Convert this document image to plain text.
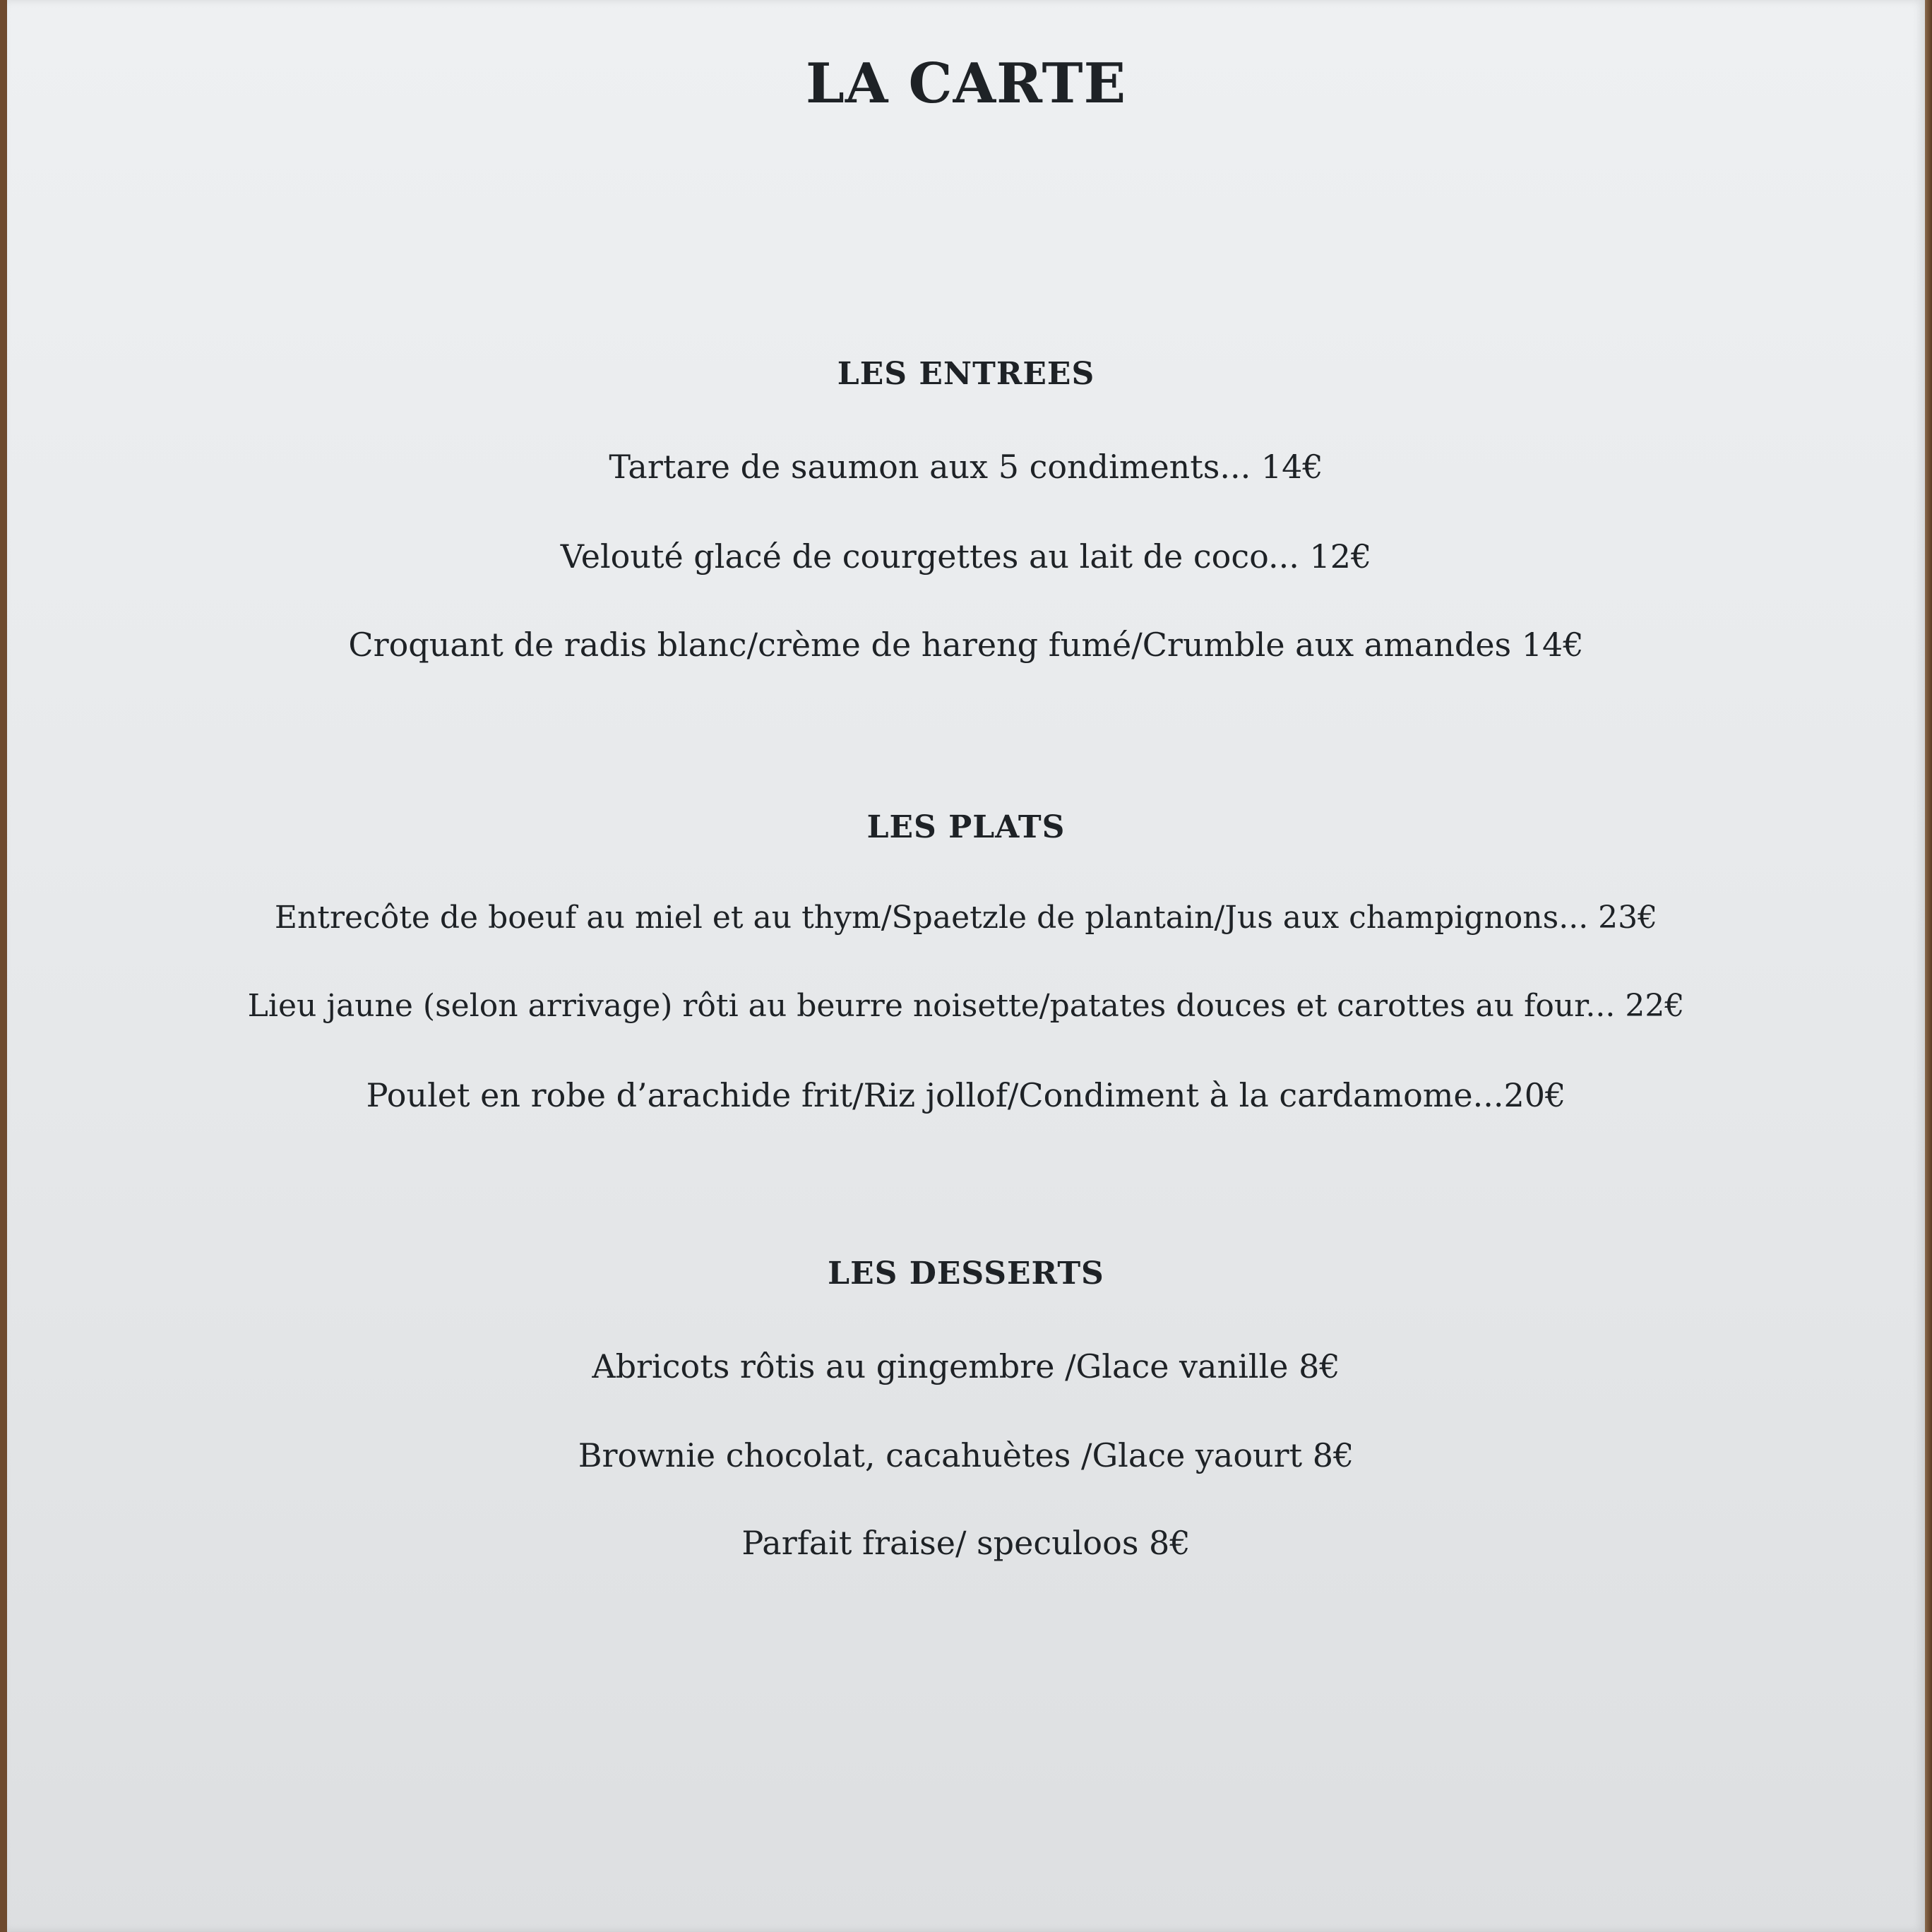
LA CARTE
LES ENTREES

Tartare de saumon aux 5 condiments... 14€

Velouté glacé de courgettes au lait de coco... 12€

Croquant de radis blanc/crème de hareng fumé/Crumble aux amandes 14€

LES PLATS

Entrecôte de boeuf au miel et au thym/Spaetzle de plantain/Jus aux champignons... 23€

Lieu jaune (selon arrivage) rôti au beurre noisette/patates douces et carottes au four... 22€

Poulet en robe d’arachide frit/Riz jollof/Condiment à la cardamome...20€

LES DESSERTS

Abricots rôtis au gingembre /Glace vanille 8€

Brownie chocolat, cacahuètes /Glace yaourt 8€

Parfait fraise/ speculoos 8€
